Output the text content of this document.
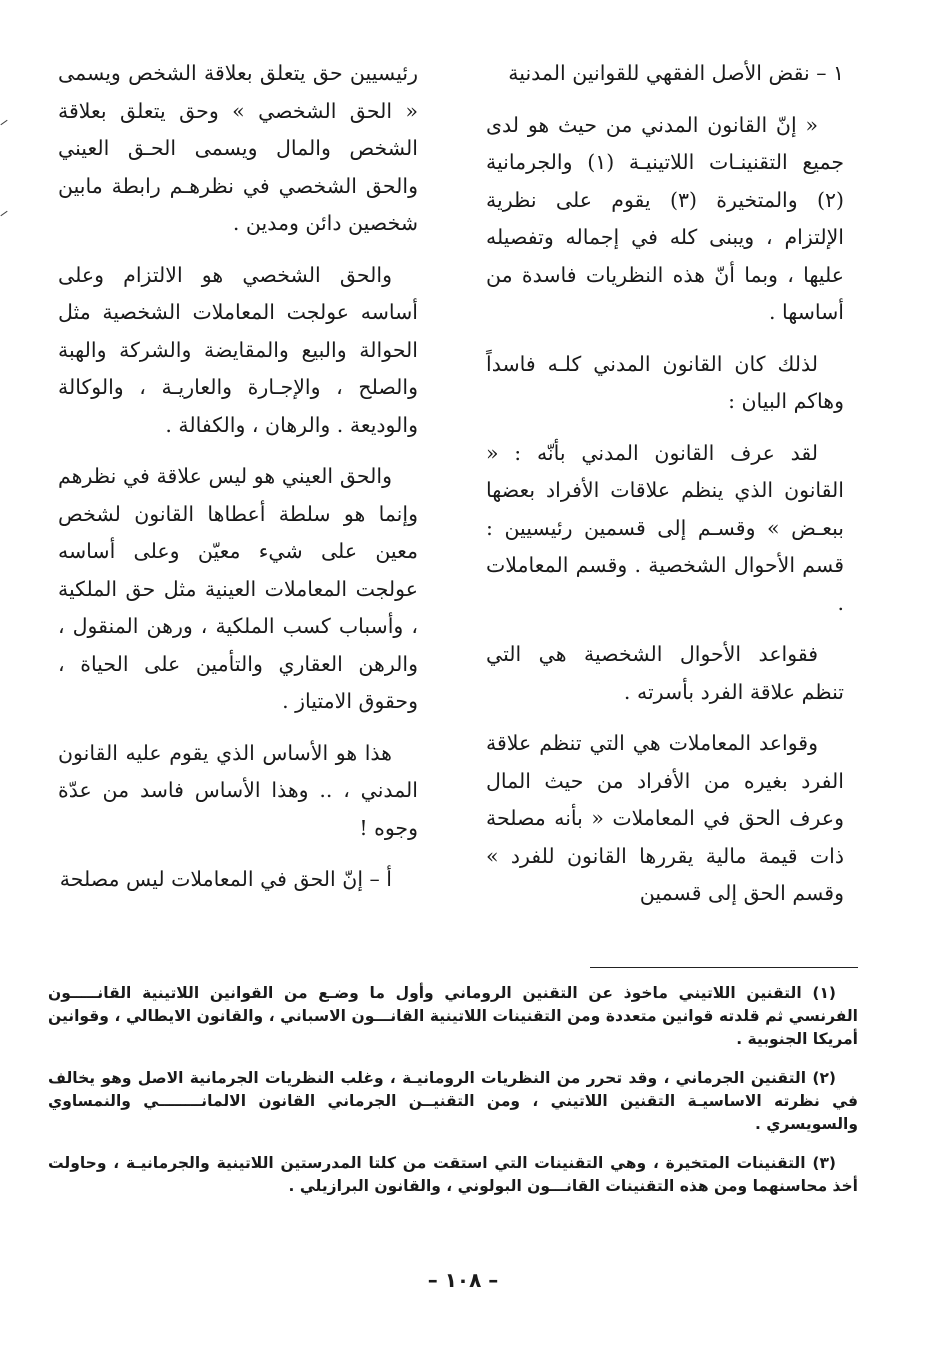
١ – نقض الأصل الفقهي للقوانين المدنية

« إنّ القانون المدني من حيث هو لدى جميع التقنينـات اللاتينيـة (١) والجرمانية (٢) والمتخيرة (٣) يقوم على نظرية الإلتزام ، ويبنى كله في إجماله وتفصيله عليها ، وبما أنّ هذه النظريات فاسدة من أساسها .

لذلك كان القانون المدني كلـه فاسداً وهاكم البيان :

لقد عرف القانون المدني بأنّه : « القانون الذي ينظم علاقات الأفراد بعضها ببعـض » وقسـم إلى قسمين رئيسيين : قسم الأحوال الشخصية . وقسم المعاملات .

فقواعد الأحوال الشخصية هي التي تنظم علاقة الفرد بأسرته .

وقواعد المعاملات هي التي تنظم علاقة الفرد بغيره من الأفراد من حيث المال وعرف الحق في المعاملات « بأنه مصلحة ذات قيمة مالية يقررها القانون للفرد » وقسم الحق إلى قسمين

رئيسيين حق يتعلق بعلاقة الشخص ويسمى « الحق الشخصي » وحق يتعلق بعلاقة الشخص والمال ويسمى الحـق العيني والحق الشخصي في نظرهـم رابطة مابين شخصين دائن ومدين .

والحق الشخصي هو الالتزام وعلى أساسه عولجت المعاملات الشخصية مثل الحوالة والبيع والمقايضة والشركة والهبة والصلح ، والإجـارة والعاريـة ، والوكالة والوديعة . والرهان ، والكفالة .

والحق العيني هو ليس علاقة في نظرهم وإنما هو سلطة أعطاها القانون لشخص معين على شيء معيّن وعلى أساسه عولجت المعاملات العينية مثل حق الملكية ، وأسباب كسب الملكية ، ورهن المنقول ، والرهن العقاري والتأمين على الحياة ، وحقوق الامتياز .

هذا هو الأساس الذي يقوم عليه القانون المدني ، .. وهذا الأساس فاسد من عدّة وجوه !

أ – إنّ الحق في المعاملات ليس مصلحة

(١) التقنين اللاتيني ماخوذ عن التقنين الروماني وأول ما وضـع من القوانين اللاتينية القانـــــون الفرنسي ثم قلدته قوانين متعددة ومن التقنينات اللاتينية القانـــون الاسباني ، والقانون الايطالي ، وقوانين أمريكا الجنوبية .

(٢) التقنين الجرماني ، وقد تحرر من النظريات الرومانيـة ، وغلب النظريات الجرمانية الاصل وهو يخالف في نظرته الاساسيـة التقنين اللاتيني ، ومن التقنيــن الجرماني القانون الالمانــــــــي والنمساوي والسويسري .

(٣) التقنينات المتخيرة ، وهي التقنينات التي استقت من كلتا المدرستين اللاتينية والجرمانيـة ، وحاولت أخذ محاسنهما ومن هذه التقنينات القانـــون البولوني ، والقانون البرازيلي .

– ١٠٨ –
